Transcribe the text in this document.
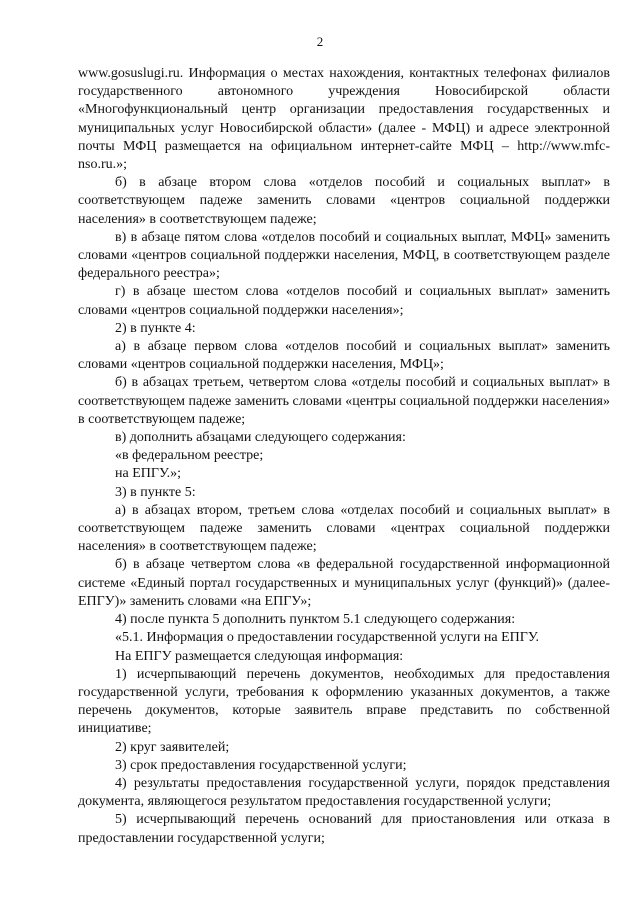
2

www.gosuslugi.ru. Информация о местах нахождения, контактных телефонах филиалов государственного автономного учреждения Новосибирской области «Многофункциональный центр организации предоставления государственных и муниципальных услуг Новосибирской области» (далее - МФЦ) и адресе электронной почты МФЦ размещается на официальном интернет-сайте МФЦ – http://www.mfc-nso.ru.»;

б) в абзаце втором слова «отделов пособий и социальных выплат» в соответствующем падеже заменить словами «центров социальной поддержки населения» в соответствующем падеже;

в) в абзаце пятом слова «отделов пособий и социальных выплат, МФЦ» заменить словами «центров социальной поддержки населения, МФЦ, в соответствующем разделе федерального реестра»;

г) в абзаце шестом слова «отделов пособий и социальных выплат» заменить словами «центров социальной поддержки населения»;

2) в пункте 4:

а) в абзаце первом слова «отделов пособий и социальных выплат» заменить словами «центров социальной поддержки населения, МФЦ»;

б) в абзацах третьем, четвертом слова «отделы пособий и социальных выплат» в соответствующем падеже заменить словами «центры социальной поддержки населения» в соответствующем падеже;

в) дополнить абзацами следующего содержания:

«в федеральном реестре;

на ЕПГУ.»;

3) в пункте 5:

а) в абзацах втором, третьем слова «отделах пособий и социальных выплат» в соответствующем падеже заменить словами «центрах социальной поддержки населения» в соответствующем падеже;

б) в абзаце четвертом слова «в федеральной государственной информационной системе «Единый портал государственных и муниципальных услуг (функций)» (далее-ЕПГУ)» заменить словами «на ЕПГУ»;

4) после пункта 5 дополнить пунктом 5.1 следующего содержания:

«5.1. Информация о предоставлении государственной услуги на ЕПГУ.

На ЕПГУ размещается следующая информация:

1) исчерпывающий перечень документов, необходимых для предоставления государственной услуги, требования к оформлению указанных документов, а также перечень документов, которые заявитель вправе представить по собственной инициативе;

2) круг заявителей;

3) срок предоставления государственной услуги;

4) результаты предоставления государственной услуги, порядок представления документа, являющегося результатом предоставления государственной услуги;

5) исчерпывающий перечень оснований для приостановления или отказа в предоставлении государственной услуги;
